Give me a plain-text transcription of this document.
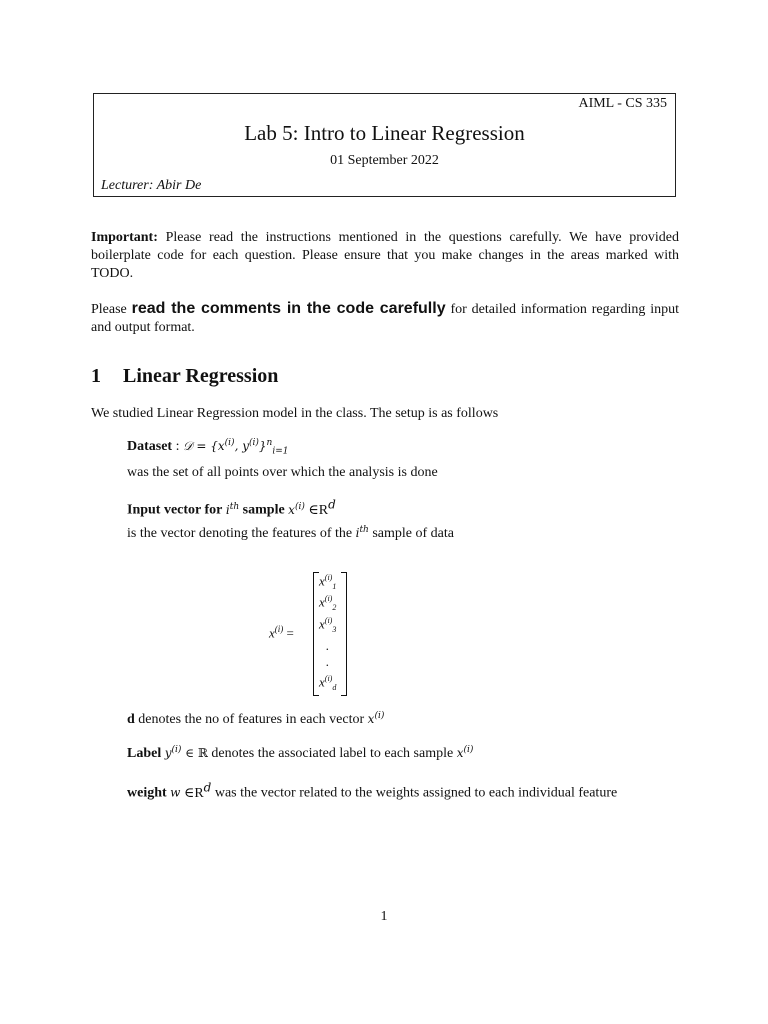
AIML - CS 335
Lab 5: Intro to Linear Regression
01 September 2022
Lecturer: Abir De
Important: Please read the instructions mentioned in the questions carefully. We have provided boilerplate code for each question. Please ensure that you make changes in the areas marked with TODO.
Please read the comments in the code carefully for detailed information regarding input and output format.
1 Linear Regression
We studied Linear Regression model in the class. The setup is as follows
Dataset : 𝒟 = {$x^{(i)}$, $y^{(i)}\}^n_{i=1}$
was the set of all points over which the analysis is done
Input vector for $i^{th}$ sample $x^{(i)}$ $\in R^d$
is the vector denoting the features of the $i^{th}$ sample of data
$x^{(i)}$ =
$x^{(i)}_1$
$x^{(i)}_2$
$x^{(i)}_3$
.
.
$x^{(i)}_d$
d denotes the no of features in each vector $x^{(i)}$
Label $y^{(i)}$ ∈ ℝ denotes the associated label to each sample $x^{(i)}$
weight w $\in R^d$ was the vector related to the weights assigned to each individual feature
1
